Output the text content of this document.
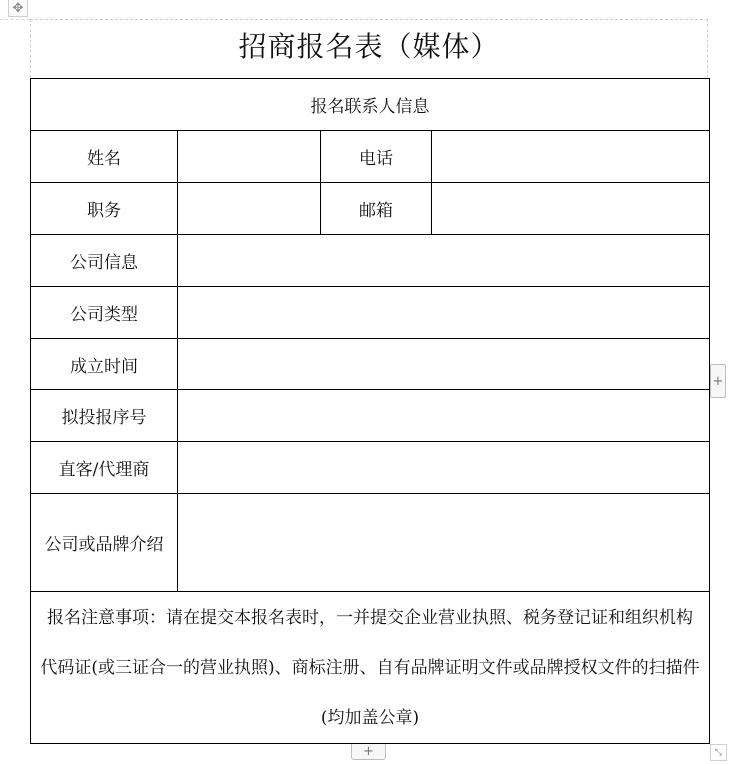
✥
招商报名表（媒体）
报名联系人信息			
姓名		电话	
职务		邮箱	
公司信息			
公司类型			
成立时间			
拟投报序号			
直客/代理商			
公司或品牌介绍			

报名注意事项：请在提交本报名表时，一并提交企业营业执照、税务登记证和组织机构
代码证(或三证合一的营业执照)、商标注册、自有品牌证明文件或品牌授权文件的扫描件
(均加盖公章)			
+
+	⤡
